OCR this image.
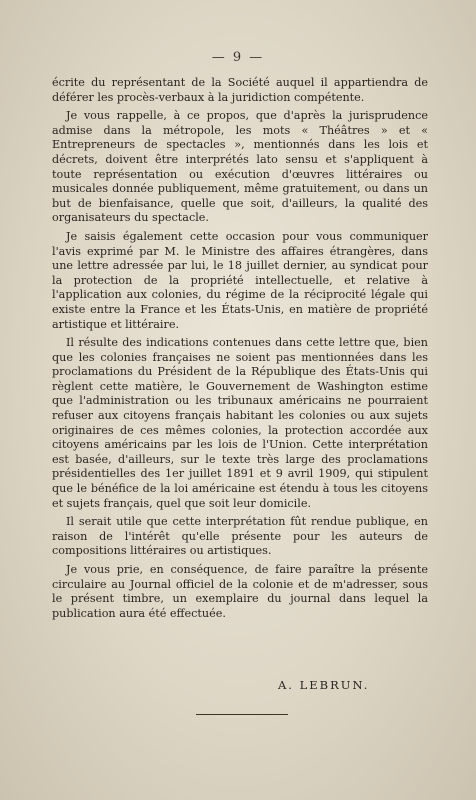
— 9 —

écrite du représentant de la Société auquel il appartiendra de déférer les procès-verbaux à la juridiction compétente.

Je vous rappelle, à ce propos, que d'après la jurisprudence admise dans la métropole, les mots « Théâtres » et « Entrepreneurs de spectacles », mentionnés dans les lois et décrets, doivent être interprétés lato sensu et s'appliquent à toute représentation ou exécution d'œuvres littéraires ou musicales donnée publiquement, même gratuitement, ou dans un but de bienfaisance, quelle que soit, d'ailleurs, la qualité des organisateurs du spectacle.

Je saisis également cette occasion pour vous communiquer l'avis exprimé par M. le Ministre des affaires étrangères, dans une lettre adressée par lui, le 18 juillet dernier, au syndicat pour la protection de la propriété intellectuelle, et relative à l'application aux colonies, du régime de la réciprocité légale qui existe entre la France et les États-Unis, en matière de propriété artistique et littéraire.

Il résulte des indications contenues dans cette lettre que, bien que les colonies françaises ne soient pas mentionnées dans les proclamations du Président de la République des États-Unis qui règlent cette matière, le Gouvernement de Washington estime que l'administration ou les tribunaux américains ne pourraient refuser aux citoyens français habitant les colonies ou aux sujets originaires de ces mêmes colonies, la protection accordée aux citoyens américains par les lois de l'Union. Cette interprétation est basée, d'ailleurs, sur le texte très large des proclamations présidentielles des 1er juillet 1891 et 9 avril 1909, qui stipulent que le bénéfice de la loi américaine est étendu à tous les citoyens et sujets français, quel que soit leur domicile.

Il serait utile que cette interprétation fût rendue publique, en raison de l'intérêt qu'elle présente pour les auteurs de compositions littéraires ou artistiques.

Je vous prie, en conséquence, de faire paraître la présente circulaire au Journal officiel de la colonie et de m'adresser, sous le présent timbre, un exemplaire du journal dans lequel la publication aura été effectuée.

A. LEBRUN.
